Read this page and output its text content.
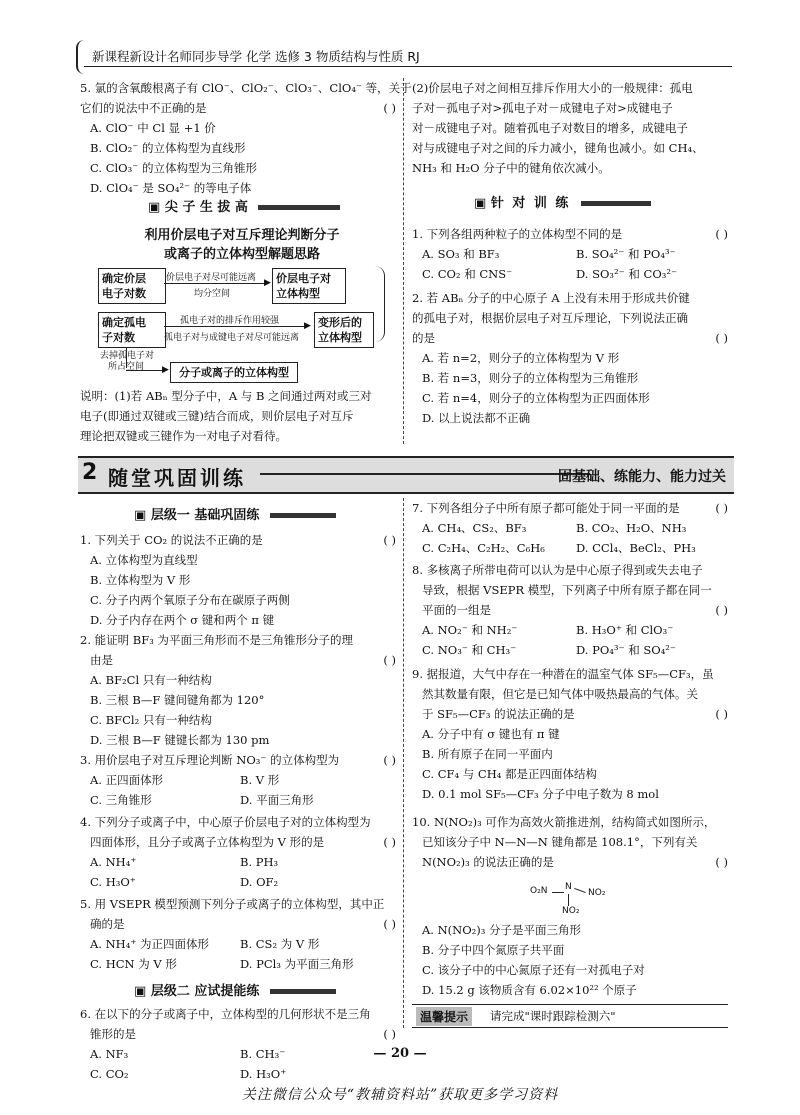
新课程新设计名师同步导学 化学 选修 3 物质结构与性质 RJ
5. 氯的含氧酸根离子有 ClO⁻、ClO₂⁻、ClO₃⁻、ClO₄⁻ 等，关于
它们的说法中不正确的是	( )
A. ClO⁻ 中 Cl 显 +1 价
B. ClO₂⁻ 的立体构型为直线形
C. ClO₃⁻ 的立体构型为三角锥形
D. ClO₄⁻ 是 SO₄²⁻ 的等电子体
▣ 尖 子 生 拔 高
利用价层电子对互斥理论判断分子
或离子的立体构型解题思路
确定价层
电子对数
价层电子对尽可能远离 ▶
均分空间
价层电子对
立体构型
确定孤电
子对数
孤电子对的排斥作用较强	▶
孤电子对与成键电子对尽可能远离
变形后的
立体构型
去掉孤电子对
所占空间 ▶ 分子或离子的立体构型
说明：(1)若 ABₙ 型分子中，A 与 B 之间通过两对或三对
电子(即通过双键或三键)结合而成，则价层电子对互斥
理论把双键或三键作为一对电子对看待。
(2)价层电子对之间相互排斥作用大小的一般规律：孤电
子对－孤电子对>孤电子对－成键电子对>成键电子
对－成键电子对。随着孤电子对数目的增多，成键电子
对与成键电子对之间的斥力减小，键角也减小。如 CH₄、
NH₃ 和 H₂O 分子中的键角依次减小。
▣ 针 对 训 练
1. 下列各组两种粒子的立体构型不同的是	( )
A. SO₃ 和 BF₃	B. SO₄²⁻ 和 PO₄³⁻
C. CO₂ 和 CNS⁻	D. SO₃²⁻ 和 CO₃²⁻
2. 若 ABₙ 分子的中心原子 A 上没有未用于形成共价键
的孤电子对，根据价层电子对互斥理论，下列说法正确
的是	( )
A. 若 n=2，则分子的立体构型为 V 形
B. 若 n=3，则分子的立体构型为三角锥形
C. 若 n=4，则分子的立体构型为正四面体形
D. 以上说法都不正确
2 随堂巩固训练	固基础、练能力、能力过关
▣ 层级一 基础巩固练
1. 下列关于 CO₂ 的说法不正确的是	( )
A. 立体构型为直线型
B. 立体构型为 V 形
C. 分子内两个氧原子分布在碳原子两侧
D. 分子内存在两个 σ 键和两个 π 键
2. 能证明 BF₃ 为平面三角形而不是三角锥形分子的理
由是	( )
A. BF₂Cl 只有一种结构
B. 三根 B—F 键间键角都为 120°
C. BFCl₂ 只有一种结构
D. 三根 B—F 键键长都为 130 pm
3. 用价层电子对互斥理论判断 NO₃⁻ 的立体构型为	( )
A. 正四面体形	B. V 形
C. 三角锥形	D. 平面三角形
4. 下列分子或离子中，中心原子价层电子对的立体构型为
四面体形，且分子或离子立体构型为 V 形的是	( )
A. NH₄⁺	B. PH₃
C. H₃O⁺	D. OF₂
5. 用 VSEPR 模型预测下列分子或离子的立体构型，其中正
确的是	( )
A. NH₄⁺ 为正四面体形	B. CS₂ 为 V 形
C. HCN 为 V 形	D. PCl₃ 为平面三角形
▣ 层级二 应试提能练
6. 在以下的分子或离子中，立体构型的几何形状不是三角
锥形的是	( )
A. NF₃	B. CH₃⁻
C. CO₂	D. H₃O⁺
7. 下列各组分子中所有原子都可能处于同一平面的是	( )
A. CH₄、CS₂、BF₃	B. CO₂、H₂O、NH₃
C. C₂H₄、C₂H₂、C₆H₆	D. CCl₄、BeCl₂、PH₃
8. 多核离子所带电荷可以认为是中心原子得到或失去电子
导致，根据 VSEPR 模型，下列离子中所有原子都在同一
平面的一组是	( )
A. NO₂⁻ 和 NH₂⁻	B. H₃O⁺ 和 ClO₃⁻
C. NO₃⁻ 和 CH₃⁻	D. PO₄³⁻ 和 SO₄²⁻
9. 据报道，大气中存在一种潜在的温室气体 SF₅—CF₃，虽
然其数量有限，但它是已知气体中吸热最高的气体。关
于 SF₅—CF₃ 的说法正确的是	( )
A. 分子中有 σ 键也有 π 键
B. 所有原子在同一平面内
C. CF₄ 与 CH₄ 都是正四面体结构
D. 0.1 mol SF₅—CF₃ 分子中电子数为 8 mol
10. N(NO₂)₃ 可作为高效火箭推进剂，结构简式如图所示，
已知该分子中 N—N—N 键角都是 108.1°，下列有关
N(NO₂)₃ 的说法正确的是	( )
O₂N N
NO₂
NO₂
A. N(NO₂)₃ 分子是平面三角形
B. 分子中四个氮原子共平面
C. 该分子中的中心氮原子还有一对孤电子对
D. 15.2 g 该物质含有 6.02×10²² 个原子
温馨提示	请完成"课时跟踪检测六"
— 20 —
关注微信公众号“教辅资料站”获取更多学习资料
